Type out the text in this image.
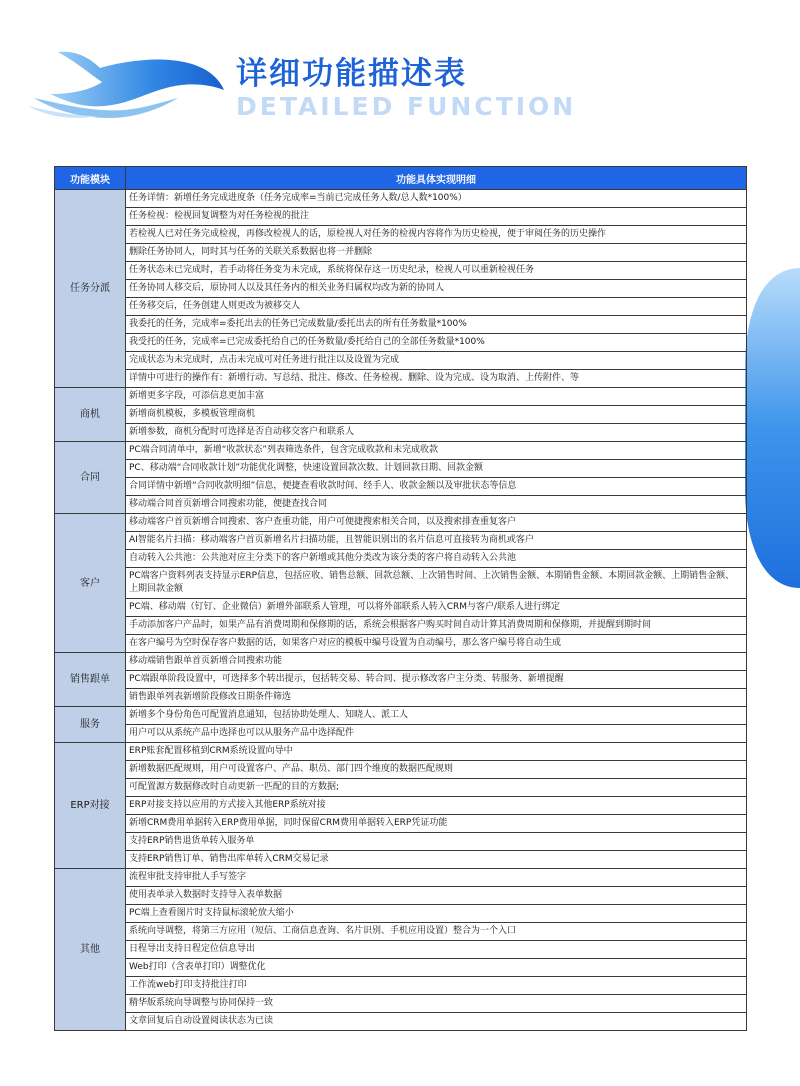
详细功能描述表
DETAILED FUNCTION
功能模块	功能具体实现明细
任务分派	任务详情：新增任务完成进度条（任务完成率=当前已完成任务人数/总人数*100%）
	任务检视：检视回复调整为对任务检视的批注
	若检视人已对任务完成检视，再修改检视人的话，原检视人对任务的检视内容将作为历史检视，便于审阅任务的历史操作
	删除任务协同人，同时其与任务的关联关系数据也将一并删除
	任务状态未已完成时，若手动将任务变为未完成，系统将保存这一历史纪录，检视人可以重新检视任务
	任务协同人移交后，原协同人以及其任务内的相关业务归属权均改为新的协同人
	任务移交后，任务创建人则更改为被移交人
	我委托的任务，完成率=委托出去的任务已完成数量/委托出去的所有任务数量*100%
	我受托的任务，完成率=已完成委托给自己的任务数量/委托给自己的全部任务数量*100%
	完成状态为未完成时，点击未完成可对任务进行批注以及设置为完成
	详情中可进行的操作有：新增行动、写总结、批注、修改、任务检视、删除、设为完成、设为取消、上传附件、等
商机	新增更多字段，可添信息更加丰富
	新增商机模板，多模板管理商机
	新增参数，商机分配时可选择是否自动移交客户和联系人
合同	PC端合同清单中，新增“收款状态”列表筛选条件，包含完成收款和未完成收款
	PC、移动端“合同收款计划”功能优化调整，快速设置回款次数、计划回款日期、回款金额
	合同详情中新增“合同收款明细”信息，便捷查看收款时间、经手人、收款金额以及审批状态等信息
	移动端合同首页新增合同搜索功能，便捷查找合同
客户	移动端客户首页新增合同搜索、客户查重功能，用户可便捷搜索相关合同，以及搜索排查重复客户
	AI智能名片扫描：移动端客户首页新增名片扫描功能，且智能识别出的名片信息可直接转为商机或客户
	自动转入公共池：公共池对应主分类下的客户新增或其他分类改为该分类的客户将自动转入公共池
	PC端客户资料列表支持显示ERP信息，包括应收、销售总额、回款总额、上次销售时间、上次销售金额、本期销售金额、本期回款金额、上期销售金额、上期回款金额
	PC端、移动端（钉钉、企业微信）新增外部联系人管理，可以将外部联系人转入CRM与客户/联系人进行绑定
	手动添加客户产品时，如果产品有消费周期和保修期的话，系统会根据客户购买时间自动计算其消费周期和保修期，并提醒到期时间
	在客户编号为空时保存客户数据的话，如果客户对应的模板中编号设置为自动编号，那么客户编号将自动生成
销售跟单	移动端销售跟单首页新增合同搜索功能
	PC端跟单阶段设置中，可选择多个转出提示，包括转交易、转合同、提示修改客户主分类、转服务、新增提醒
	销售跟单列表新增阶段修改日期条件筛选
服务	新增多个身份角色可配置消息通知，包括协助处理人、知晓人、派工人
	用户可以从系统产品中选择也可以从服务产品中选择配件
ERP对接	ERP账套配置移植到CRM系统设置向导中
	新增数据匹配规则，用户可设置客户、产品、职员、部门四个维度的数据匹配规则
	可配置源方数据修改时自动更新一匹配的目的方数据;
	ERP对接支持以应用的方式接入其他ERP系统对接
	新增CRM费用单据转入ERP费用单据，同时保留CRM费用单据转入ERP凭证功能
	支持ERP销售退货单转入服务单
	支持ERP销售订单、销售出库单转入CRM交易记录
其他	流程审批支持审批人手写签字
	使用表单录入数据时支持导入表单数据
	PC端上查看图片时支持鼠标滚轮放大缩小
	系统向导调整，将第三方应用（短信、工商信息查询、名片识别、手机应用设置）整合为一个入口
	日程导出支持日程定位信息导出
	Web打印（含表单打印）调整优化
	工作流web打印支持批注打印
	精华版系统向导调整与协同保持一致
	文章回复后自动设置阅读状态为已读
